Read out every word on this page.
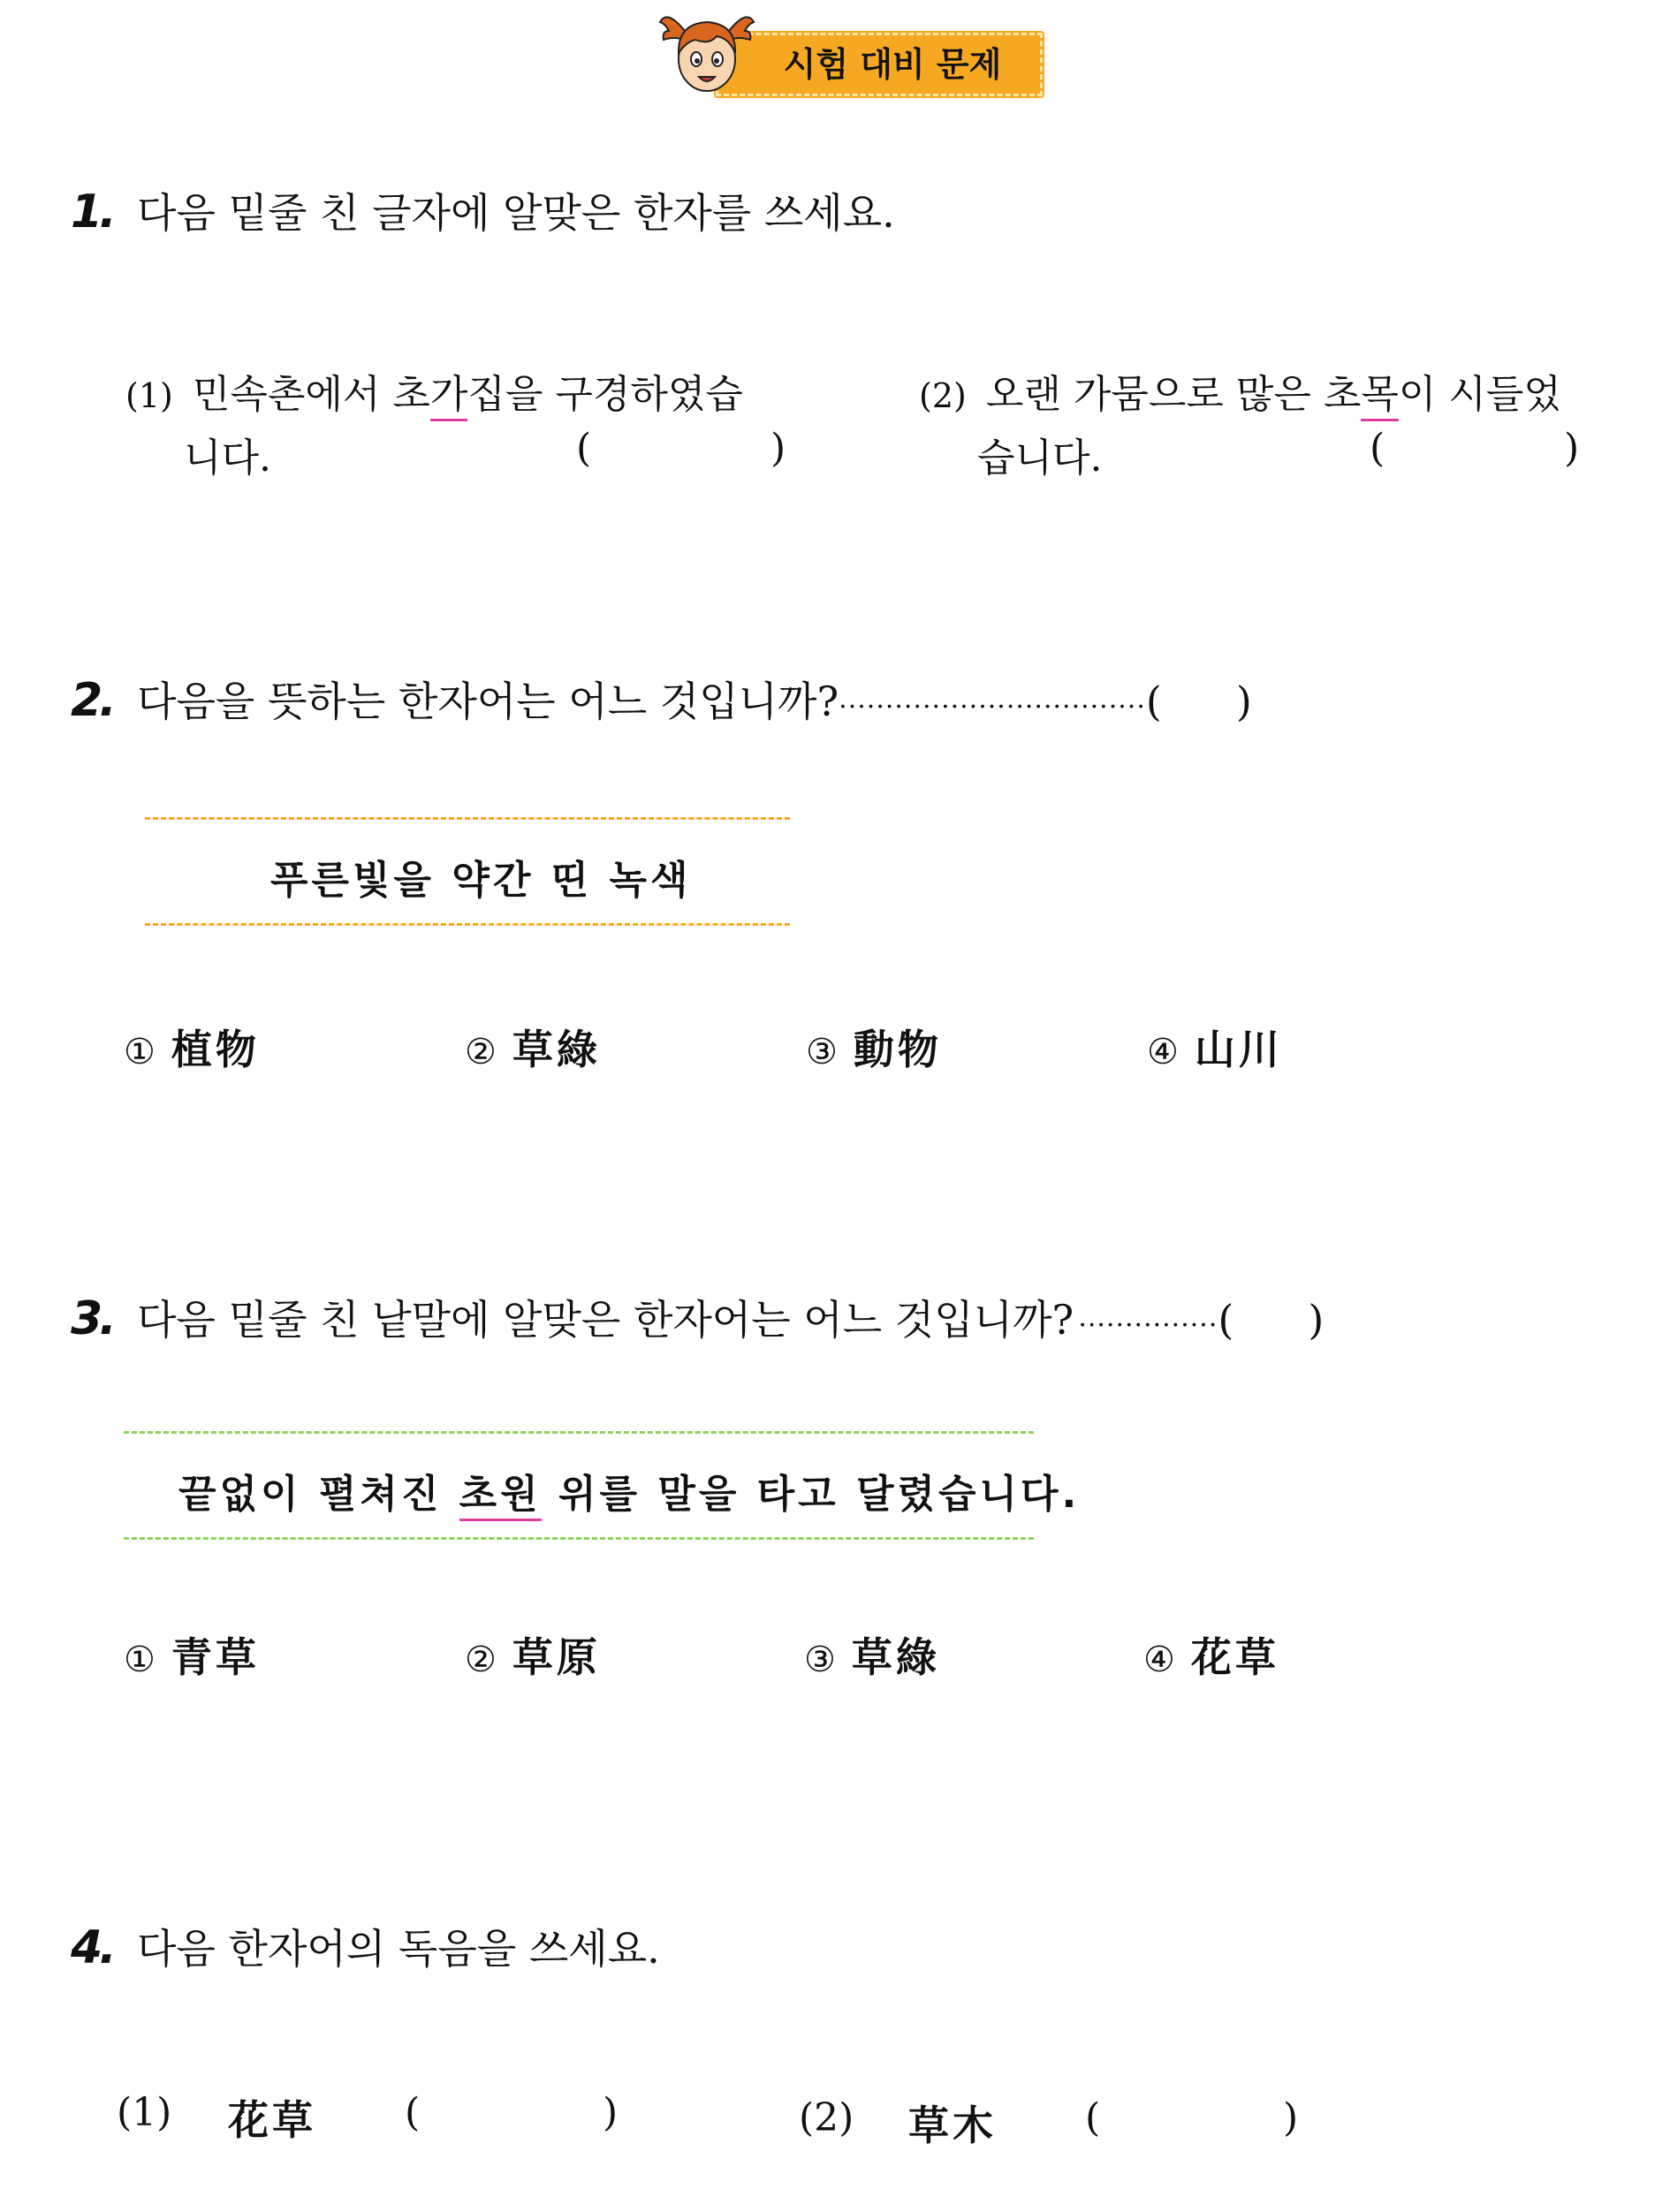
시험 대비 문제
1. 다음 밑줄 친 글자에 알맞은 한자를 쓰세요.
(1) 민속촌에서 초가집을 구경하였습
니다.	(	)
(2) 오랜 가뭄으로 많은 초목이 시들었
습니다.	(	)
2. 다음을 뜻하는 한자어는 어느 것입니까?·································( )
푸른빛을 약간 띤 녹색
① 植物	② 草綠	③ 動物	④ 山川
3. 다음 밑줄 친 낱말에 알맞은 한자어는 어느 것입니까? ···············( )
끝없이 펼쳐진 초원 위를 말을 타고 달렸습니다.
① 青草	② 草原	③ 草綠	④ 花草
4. 다음 한자어의 독음을 쓰세요.
(1) 花草 (	)	(2) 草木 (	)
